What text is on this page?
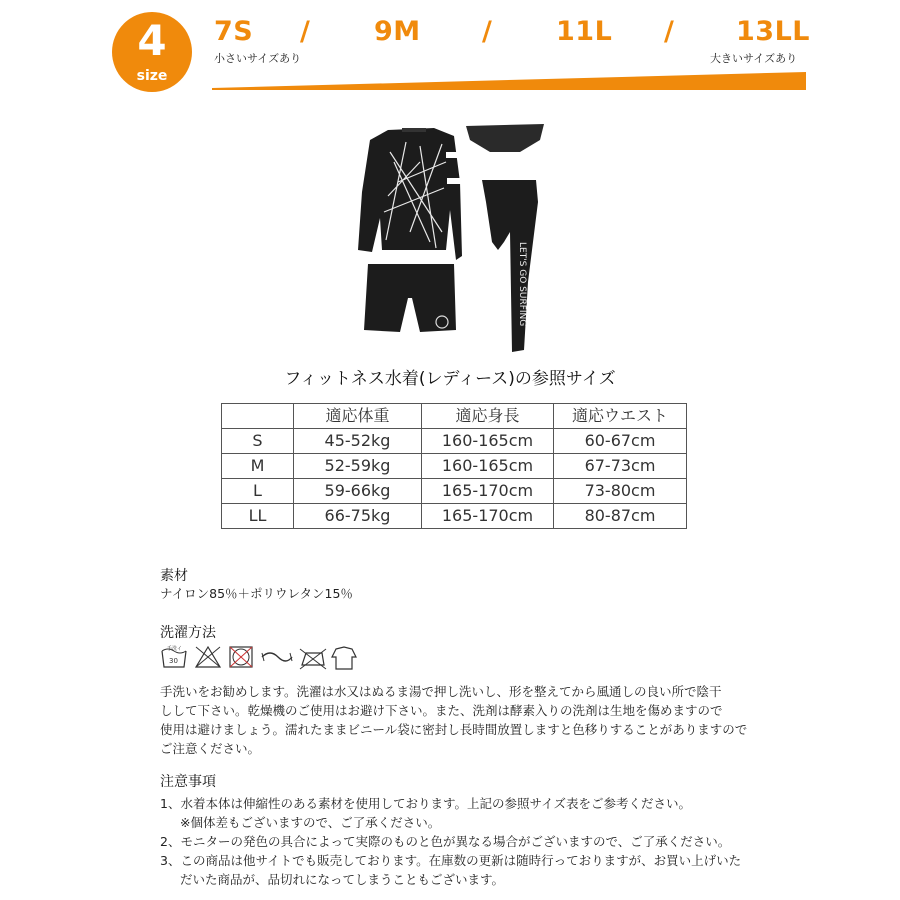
4
size
7S / 9M / 11L / 13LL
小さいサイズあり	大きいサイズあり
LET'S GO SURFING
フィットネス水着(レディース)の参照サイズ
	適応体重	適応身長	適応ウエスト
S	45-52kg	160-165cm	60-67cm
M	52-59kg	160-165cm	67-73cm
L	59-66kg	165-170cm	73-80cm
LL	66-75kg	165-170cm	80-87cm
素材
ナイロン85％＋ポリウレタン15％
洗濯方法
手洗イ
30
手洗いをお勧めします。洗濯は水又はぬるま湯で押し洗いし、形を整えてから風通しの良い所で陰干
しして下さい。乾燥機のご使用はお避け下さい。また、洗剤は酵素入りの洗剤は生地を傷めますので
使用は避けましょう。濡れたままビニール袋に密封し長時間放置しますと色移りすることがありますので
ご注意ください。
注意事項
1、水着本体は伸縮性のある素材を使用しております。上記の参照サイズ表をご参考ください。
※個体差もございますので、ご了承ください。
2、モニターの発色の具合によって実際のものと色が異なる場合がございますので、ご了承ください。
3、この商品は他サイトでも販売しております。在庫数の更新は随時行っておりますが、お買い上げいた
だいた商品が、品切れになってしまうこともございます。
